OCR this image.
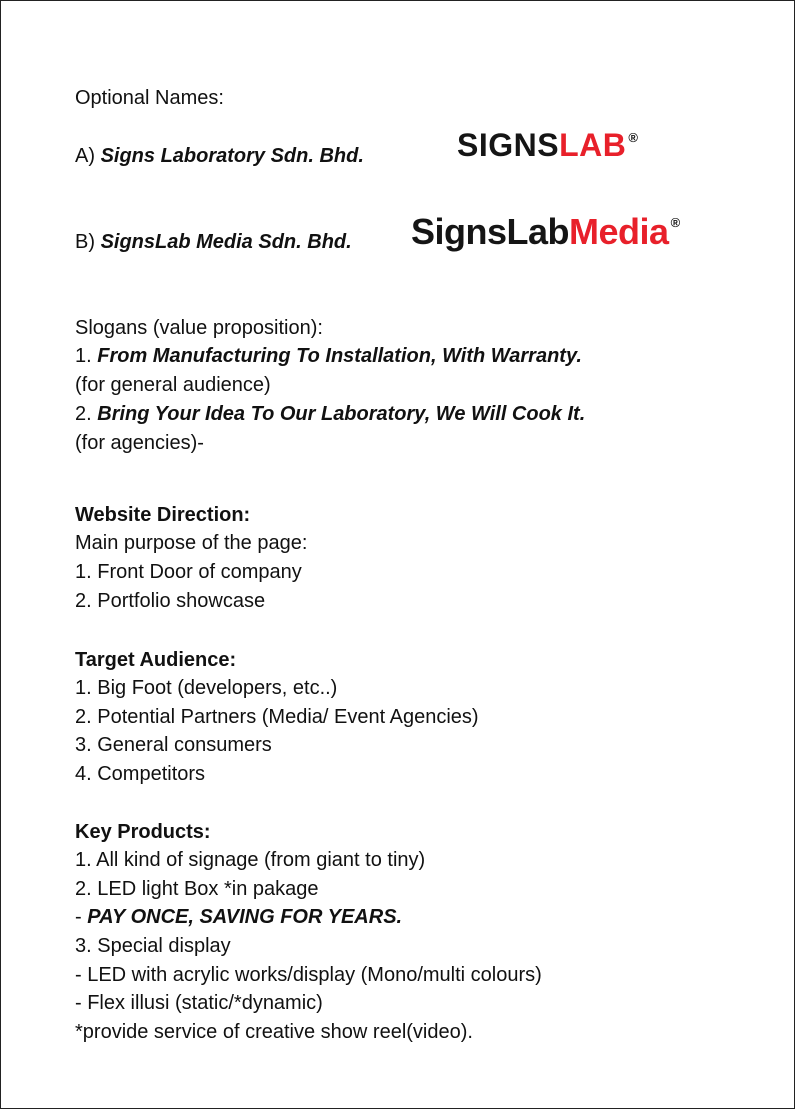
Optional Names:
A) Signs Laboratory Sdn. Bhd.	SIGNSLAB ®
B) SignsLab Media Sdn. Bhd. SignsLabMedia ®
Slogans (value proposition):
1. From Manufacturing To Installation, With Warranty.
(for general audience)
2. Bring Your Idea To Our Laboratory, We Will Cook It.
(for agencies)-
Website Direction:
Main purpose of the page:
1. Front Door of company
2. Portfolio showcase
Target Audience:
1. Big Foot (developers, etc..)
2. Potential Partners (Media/ Event Agencies)
3. General consumers
4. Competitors
Key Products:
1. All kind of signage (from giant to tiny)
2. LED light Box *in pakage
- PAY ONCE, SAVING FOR YEARS.
3. Special display
- LED with acrylic works/display (Mono/multi colours)
- Flex illusi (static/*dynamic)
*provide service of creative show reel(video).
